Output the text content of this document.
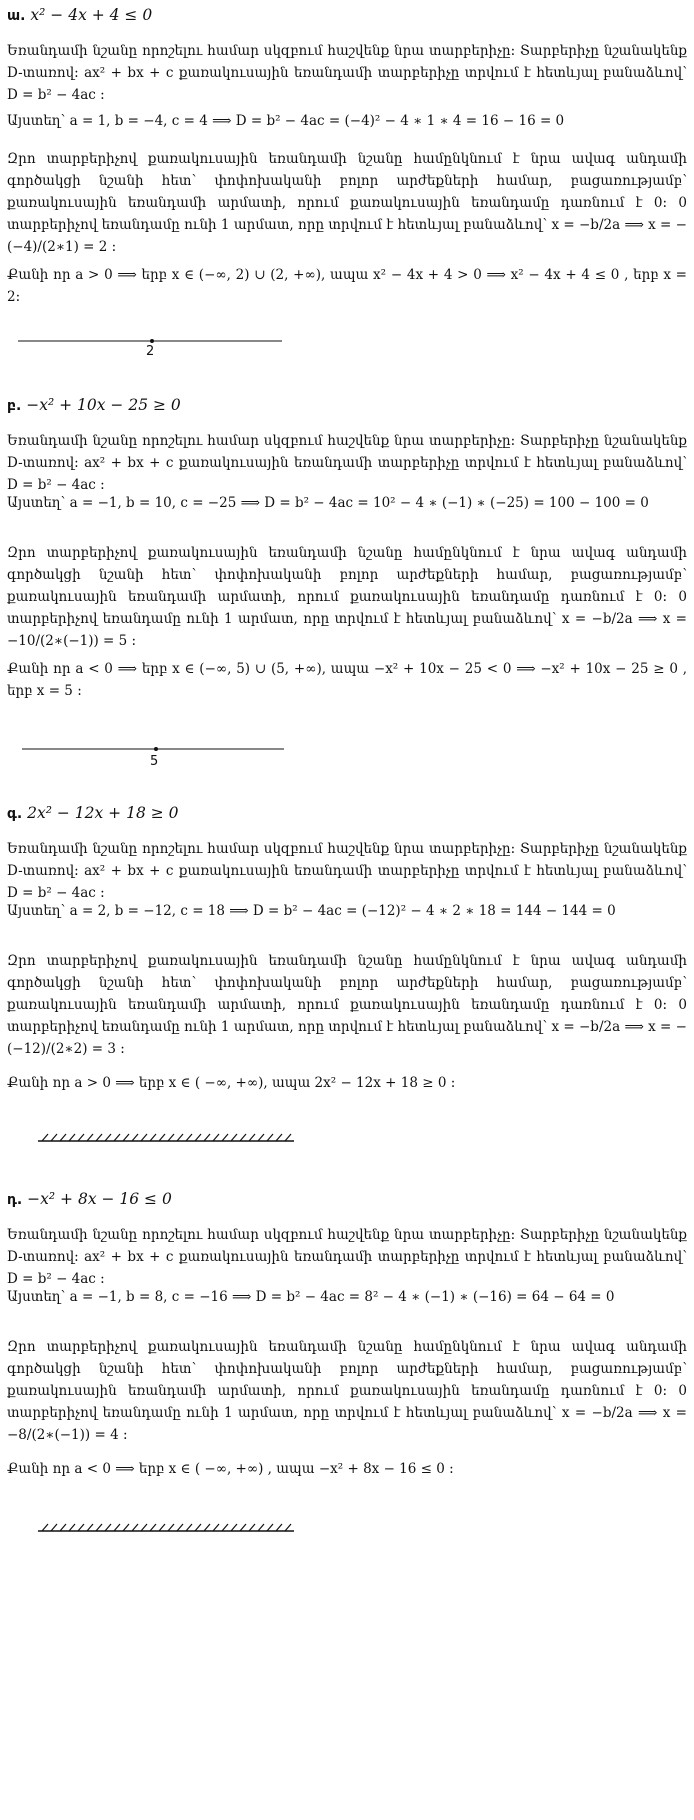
ա. x² − 4x + 4 ≤ 0

Եռանդամի նշանը որոշելու համար սկզբում հաշվենք նրա տարբերիչը: Տարբերիչը նշանակենք D-տառով: ax² + bx + c քառակուսային եռանդամի տարբերիչը տրվում է հետևյալ բանաձևով՝ D = b² − 4ac :

Այստեղ՝ a = 1, b = −4, c = 4 ⟹ D = b² − 4ac = (−4)² − 4 ∗ 1 ∗ 4 = 16 − 16 = 0

Զրո տարբերիչով քառակուսային եռանդամի նշանը համընկնում է նրա ավագ անդամի գործակցի նշանի հետ՝ փոփոխականի բոլոր արժեքների համար, բացառությամբ՝ քառակուսային եռանդամի արմատի, որում քառակուսային եռանդամը դառնում է 0: 0 տարբերիչով եռանդամը ունի 1 արմատ, որը տրվում է հետևյալ բանաձևով՝ x = −b/2a ⟹ x = −(−4)/(2∗1) = 2 :

Քանի որ a > 0 ⟹ երբ x ∈ (−∞, 2) ∪ (2, +∞), ապա x² − 4x + 4 > 0 ⟹ x² − 4x + 4 ≤ 0 , երբ x = 2:

2
բ. −x² + 10x − 25 ≥ 0

Եռանդամի նշանը որոշելու համար սկզբում հաշվենք նրա տարբերիչը: Տարբերիչը նշանակենք D-տառով: ax² + bx + c քառակուսային եռանդամի տարբերիչը տրվում է հետևյալ բանաձևով՝ D = b² − 4ac :

Այստեղ՝ a = −1, b = 10, c = −25 ⟹ D = b² − 4ac = 10² − 4 ∗ (−1) ∗ (−25) = 100 − 100 = 0

Զրո տարբերիչով քառակուսային եռանդամի նշանը համընկնում է նրա ավագ անդամի գործակցի նշանի հետ՝ փոփոխականի բոլոր արժեքների համար, բացառությամբ՝ քառակուսային եռանդամի արմատի, որում քառակուսային եռանդամը դառնում է 0: 0 տարբերիչով եռանդամը ունի 1 արմատ, որը տրվում է հետևյալ բանաձևով՝ x = −b/2a ⟹ x = −10/(2∗(−1)) = 5 :

Քանի որ a < 0 ⟹ երբ x ∈ (−∞, 5) ∪ (5, +∞), ապա −x² + 10x − 25 < 0 ⟹ −x² + 10x − 25 ≥ 0 , երբ x = 5 :

5
գ. 2x² − 12x + 18 ≥ 0

Եռանդամի նշանը որոշելու համար սկզբում հաշվենք նրա տարբերիչը: Տարբերիչը նշանակենք D-տառով: ax² + bx + c քառակուսային եռանդամի տարբերիչը տրվում է հետևյալ բանաձևով՝ D = b² − 4ac :

Այստեղ՝ a = 2, b = −12, c = 18 ⟹ D = b² − 4ac = (−12)² − 4 ∗ 2 ∗ 18 = 144 − 144 = 0

Զրո տարբերիչով քառակուսային եռանդամի նշանը համընկնում է նրա ավագ անդամի գործակցի նշանի հետ՝ փոփոխականի բոլոր արժեքների համար, բացառությամբ՝ քառակուսային եռանդամի արմատի, որում քառակուսային եռանդամը դառնում է 0: 0 տարբերիչով եռանդամը ունի 1 արմատ, որը տրվում է հետևյալ բանաձևով՝ x = −b/2a ⟹ x = −(−12)/(2∗2) = 3 :

Քանի որ a > 0 ⟹ երբ x ∈ ( −∞, +∞), ապա 2x² − 12x + 18 ≥ 0 :

դ. −x² + 8x − 16 ≤ 0

Եռանդամի նշանը որոշելու համար սկզբում հաշվենք նրա տարբերիչը: Տարբերիչը նշանակենք D-տառով: ax² + bx + c քառակուսային եռանդամի տարբերիչը տրվում է հետևյալ բանաձևով՝ D = b² − 4ac :

Այստեղ՝ a = −1, b = 8, c = −16 ⟹ D = b² − 4ac = 8² − 4 ∗ (−1) ∗ (−16) = 64 − 64 = 0

Զրո տարբերիչով քառակուսային եռանդամի նշանը համընկնում է նրա ավագ անդամի գործակցի նշանի հետ՝ փոփոխականի բոլոր արժեքների համար, բացառությամբ՝ քառակուսային եռանդամի արմատի, որում քառակուսային եռանդամը դառնում է 0: 0 տարբերիչով եռանդամը ունի 1 արմատ, որը տրվում է հետևյալ բանաձևով՝ x = −b/2a ⟹ x = −8/(2∗(−1)) = 4 :

Քանի որ a < 0 ⟹ երբ x ∈ ( −∞, +∞) , ապա −x² + 8x − 16 ≤ 0 :
